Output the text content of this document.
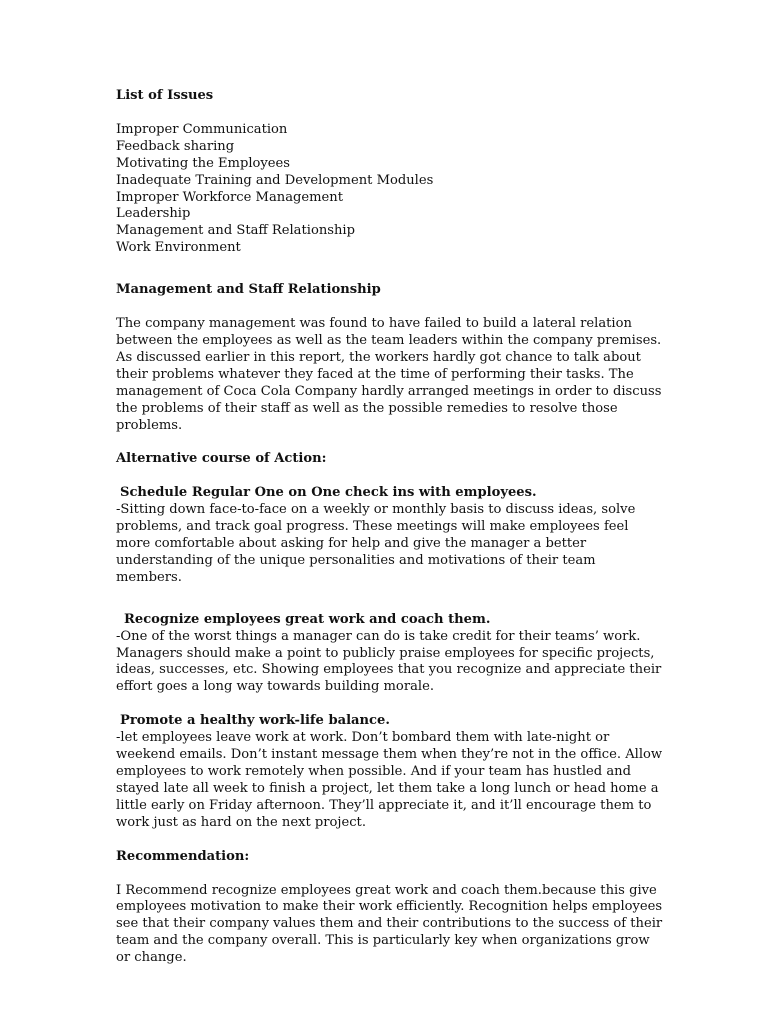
List of Issues

Improper Communication
Feedback sharing
Motivating the Employees
Inadequate Training and Development Modules
Improper Workforce Management
Leadership
Management and Staff Relationship
Work Environment

Management and Staff Relationship

The company management was found to have failed to build a lateral relation between the employees as well as the team leaders within the company premises. As discussed earlier in this report, the workers hardly got chance to talk about their problems whatever they faced at the time of performing their tasks. The management of Coca Cola Company hardly arranged meetings in order to discuss the problems of their staff as well as the possible remedies to resolve those problems.

Alternative course of Action:

Schedule Regular One on One check ins with employees.

-Sitting down face-to-face on a weekly or monthly basis to discuss ideas, solve problems, and track goal progress. These meetings will make employees feel more comfortable about asking for help and give the manager a better understanding of the unique personalities and motivations of their team members.

Recognize employees great work and coach them.

-One of the worst things a manager can do is take credit for their teams’ work. Managers should make a point to publicly praise employees for specific projects, ideas, successes, etc. Showing employees that you recognize and appreciate their effort goes a long way towards building morale.

Promote a healthy work-life balance.

-let employees leave work at work. Don’t bombard them with late-night or weekend emails. Don’t instant message them when they’re not in the office. Allow employees to work remotely when possible. And if your team has hustled and stayed late all week to finish a project, let them take a long lunch or head home a little early on Friday afternoon. They’ll appreciate it, and it’ll encourage them to work just as hard on the next project.

Recommendation:

I Recommend recognize employees great work and coach them.because this give employees motivation to make their work efficiently. Recognition helps employees see that their company values them and their contributions to the success of their team and the company overall. This is particularly key when organizations grow or change.
